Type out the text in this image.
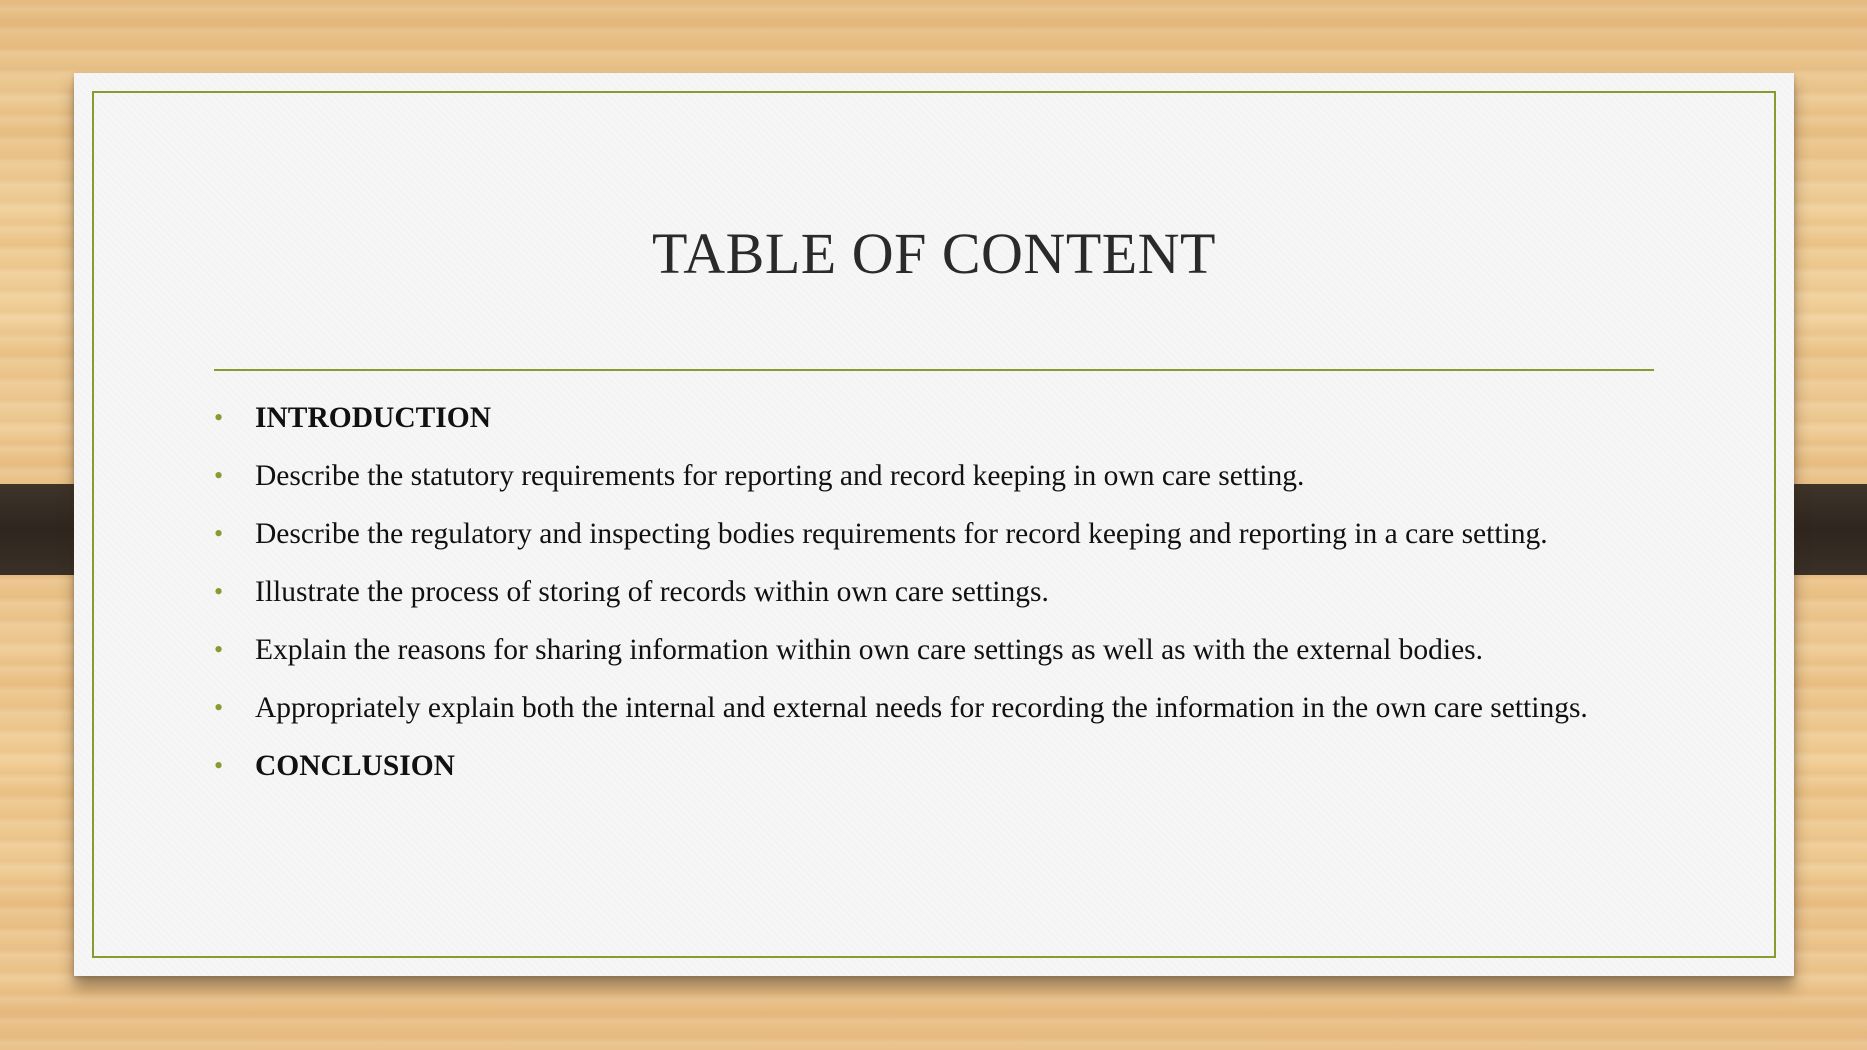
TABLE OF CONTENT
• INTRODUCTION
• Describe the statutory requirements for reporting and record keeping in own care setting.
• Describe the regulatory and inspecting bodies requirements for record keeping and reporting in a care setting.
• Illustrate the process of storing of records within own care settings.
• Explain the reasons for sharing information within own care settings as well as with the external bodies.
• Appropriately explain both the internal and external needs for recording the information in the own care settings.
• CONCLUSION
